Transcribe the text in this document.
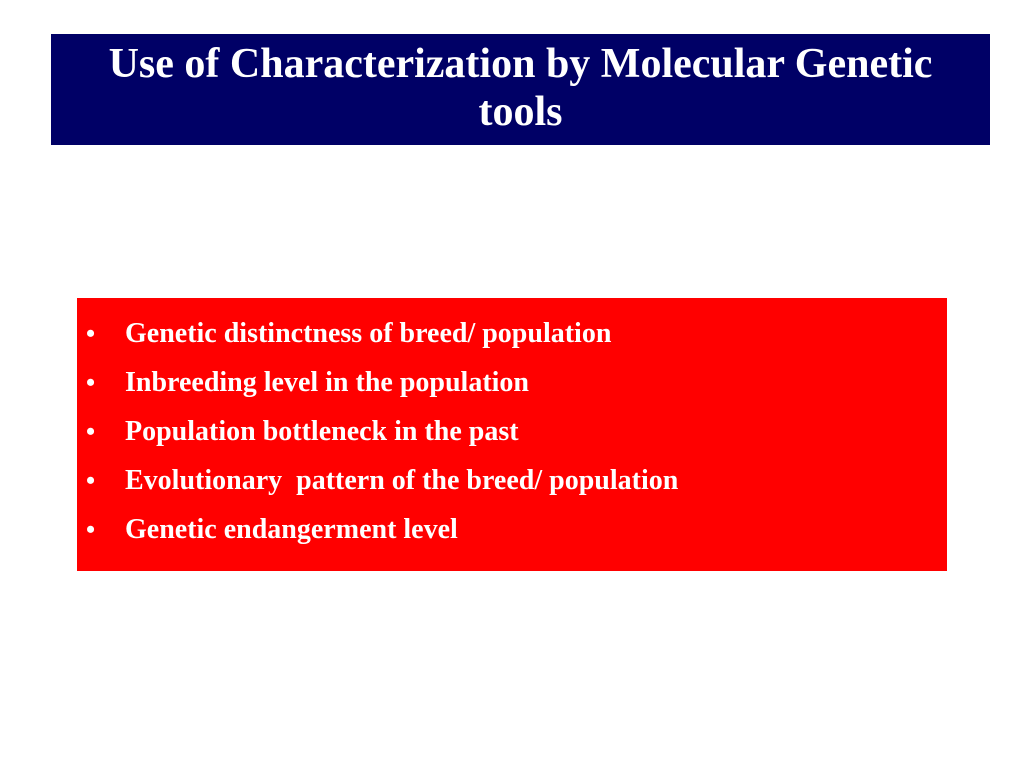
Use of Characterization by Molecular Genetic tools
•	Genetic distinctness of breed/ population
•	Inbreeding level in the population
•	Population bottleneck in the past
•	Evolutionary  pattern of the breed/ population
•	Genetic endangerment level
